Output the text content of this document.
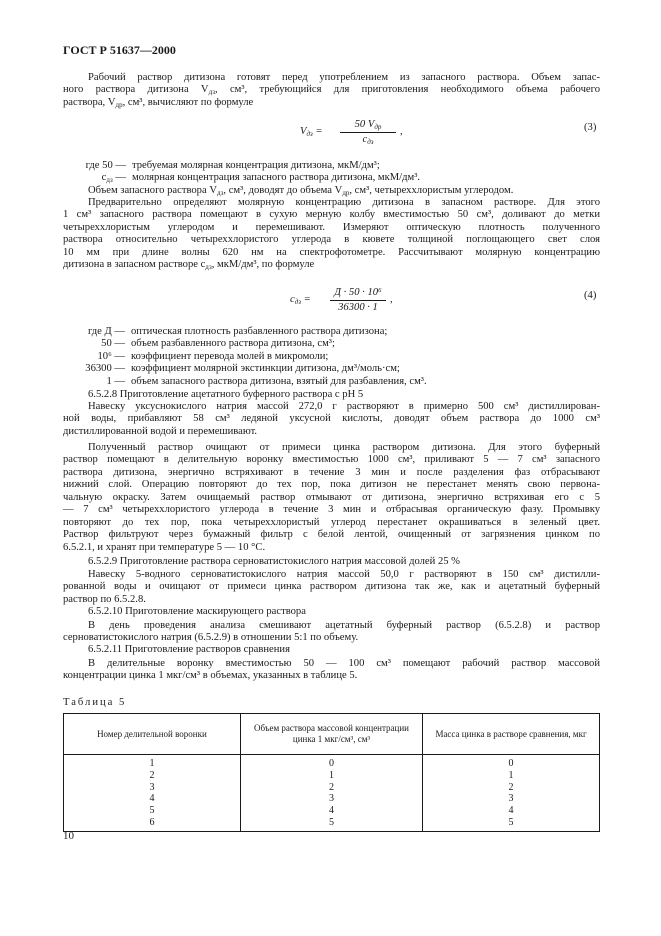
ГОСТ Р 51637—2000
Рабочий раствор дитизона готовят перед употреблением из запасного раствора. Объем запас-
ного раствора дитизона $V_{дз}$, см³, требующийся для приготовления необходимого объема рабочего
раствора, $V_{др}$, см³, вычисляют по формуле
$V_{дз}$ =
50 $V_{др}$
$c_{дз}$
,	(3)
где 50 — требуемая молярная концентрация дитизона, мкМ/дм³;
$c_{дз}$ — молярная концентрация запасного раствора дитизона, мкМ/дм³.
Объем запасного раствора $V_{дз}$, см³, доводят до объема $V_{др}$, см³, четыреххлористым углеродом.
Предварительно определяют молярную концентрацию дитизона в запасном растворе. Для этого
1 см³ запасного раствора помещают в сухую мерную колбу вместимостью 50 см³, доливают до метки
четыреххлористым углеродом и перемешивают. Измеряют оптическую плотность полученного
раствора относительно четыреххлористого углерода в кювете толщиной поглощающего свет слоя
10 мм при длине волны 620 нм на спектрофотометре. Рассчитывают молярную концентрацию
дитизона в запасном растворе $c_{дз}$, мкМ/дм³, по формуле
$c_{дз}$ =
Д · 50 · 10⁶
36300 · 1
,	(4)
где Д — оптическая плотность разбавленного раствора дитизона;
50 — объем разбавленного раствора дитизона, см³;
10⁶ — коэффициент перевода молей в микромоли;
36300 — коэффициент молярной экстинкции дитизона, дм³/моль·см;
1 — объем запасного раствора дитизона, взятый для разбавления, см³.
6.5.2.8 Приготовление ацетатного буферного раствора с pH 5
Навеску уксуснокислого натрия массой 272,0 г растворяют в примерно 500 см³ дистиллирован-
ной воды, прибавляют 58 см³ ледяной уксусной кислоты, доводят объем раствора до 1000 см³
дистиллированной водой и перемешивают.
Полученный раствор очищают от примеси цинка раствором дитизона. Для этого буферный
раствор помещают в делительную воронку вместимостью 1000 см³, приливают 5 — 7 см³ запасного
раствора дитизона, энергично встряхивают в течение 3 мин и после разделения фаз отбрасывают
нижний слой. Операцию повторяют до тех пор, пока дитизон не перестанет менять свою первона-
чальную окраску. Затем очищаемый раствор отмывают от дитизона, энергично встряхивая его с 5
— 7 см³ четыреххлористого углерода в течение 3 мин и отбрасывая органическую фазу. Промывку
повторяют до тех пор, пока четыреххлористый углерод перестанет окрашиваться в зеленый цвет.
Раствор фильтруют через бумажный фильтр с белой лентой, очищенный от загрязнения цинком по
6.5.2.1, и хранят при температуре 5 — 10 °С.
6.5.2.9 Приготовление раствора серноватистокислого натрия массовой долей 25 %
Навеску 5-водного серноватистокислого натрия массой 50,0 г растворяют в 150 см³ дистилли-
рованной воды и очищают от примеси цинка раствором дитизона так же, как и ацетатный буферный
раствор по 6.5.2.8.
6.5.2.10 Приготовление маскирующего раствора
В день проведения анализа смешивают ацетатный буферный раствор (6.5.2.8) и раствор
серноватистокислого натрия (6.5.2.9) в отношении 5:1 по объему.
6.5.2.11 Приготовление растворов сравнения
В делительные воронку вместимостью 50 — 100 см³ помещают рабочий раствор массовой
концентрации цинка 1 мкг/см³ в объемах, указанных в таблице 5.
Таблица 5
Номер делительной воронки	Объем раствора массовой концентрации цинка 1 мкг/см³, см³	Масса цинка в растворе сравнения, мкг
1	0	0
2	1	1
3	2	2
4	3	3
5	4	4
6	5	5
10
